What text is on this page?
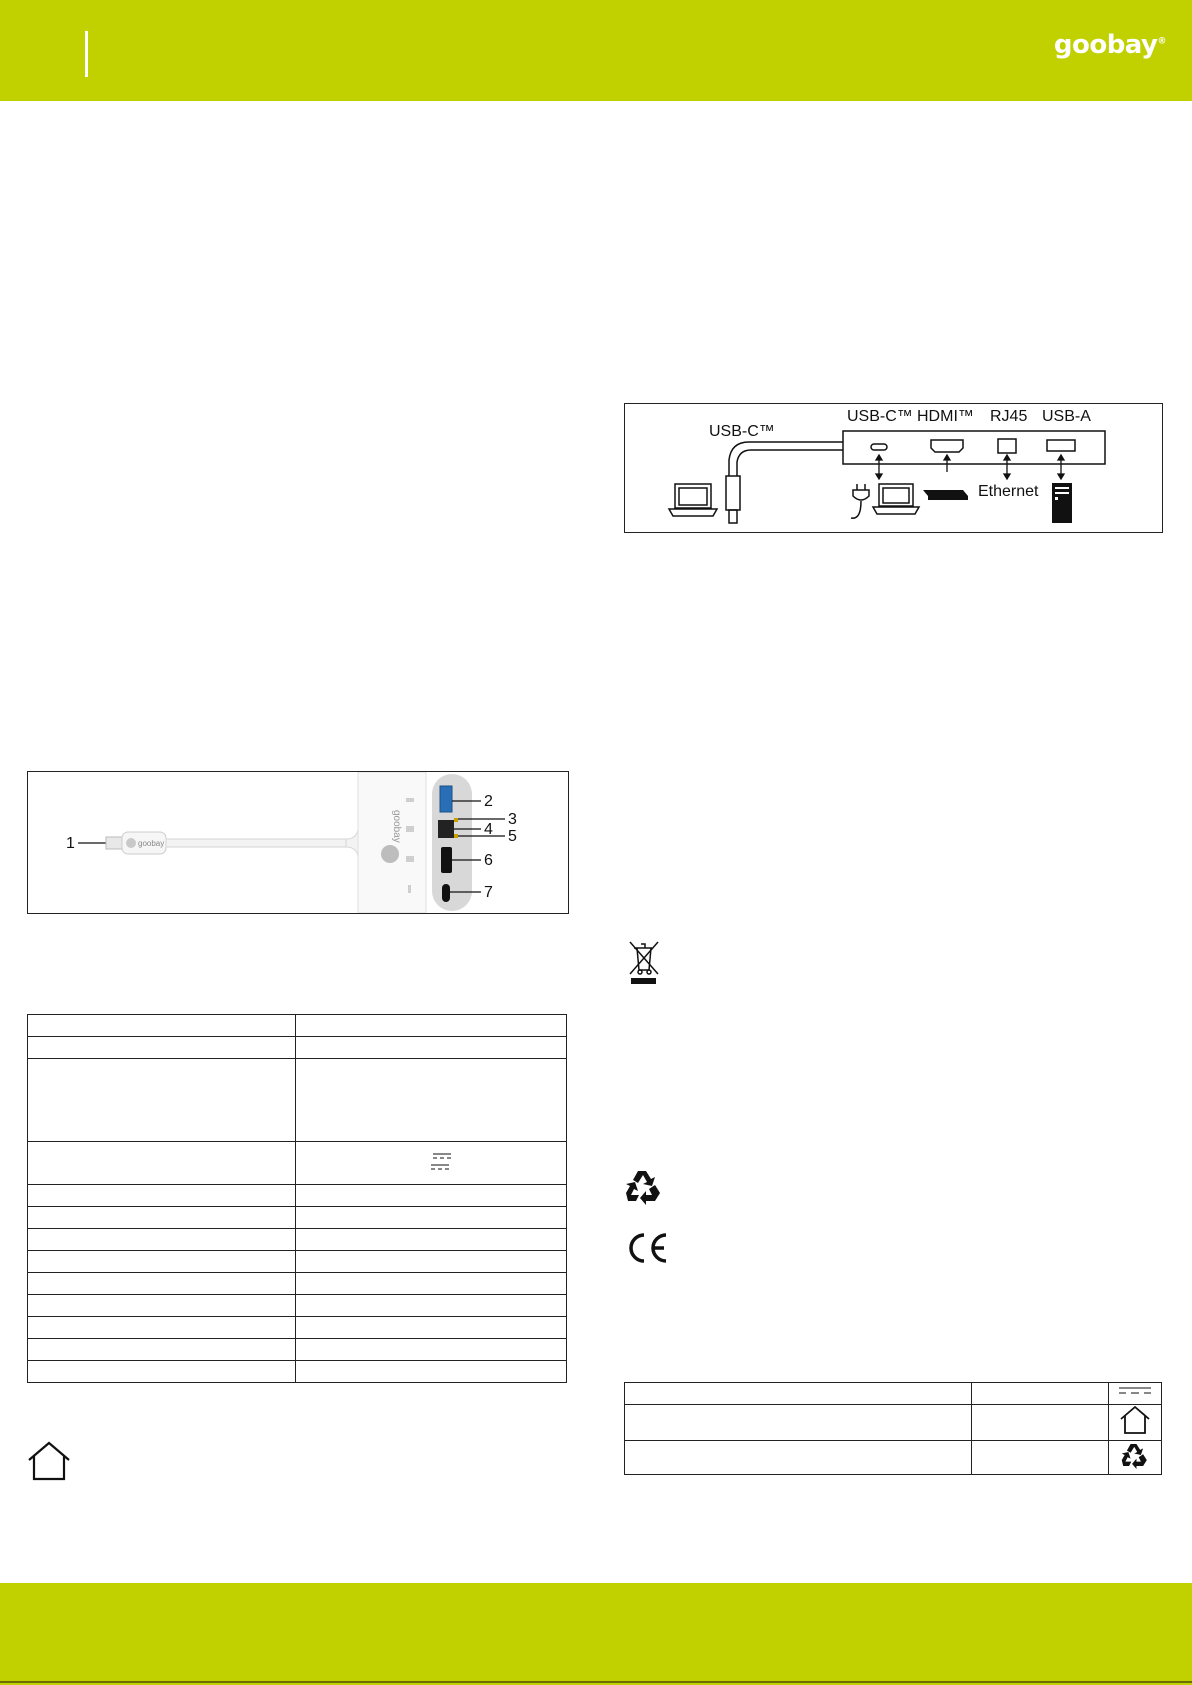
goobay®
USB-C™
USB-C™ HDMI™ RJ45 USB-A
Ethernet
1	goobay
goobay
2
3
4 5
6
7
